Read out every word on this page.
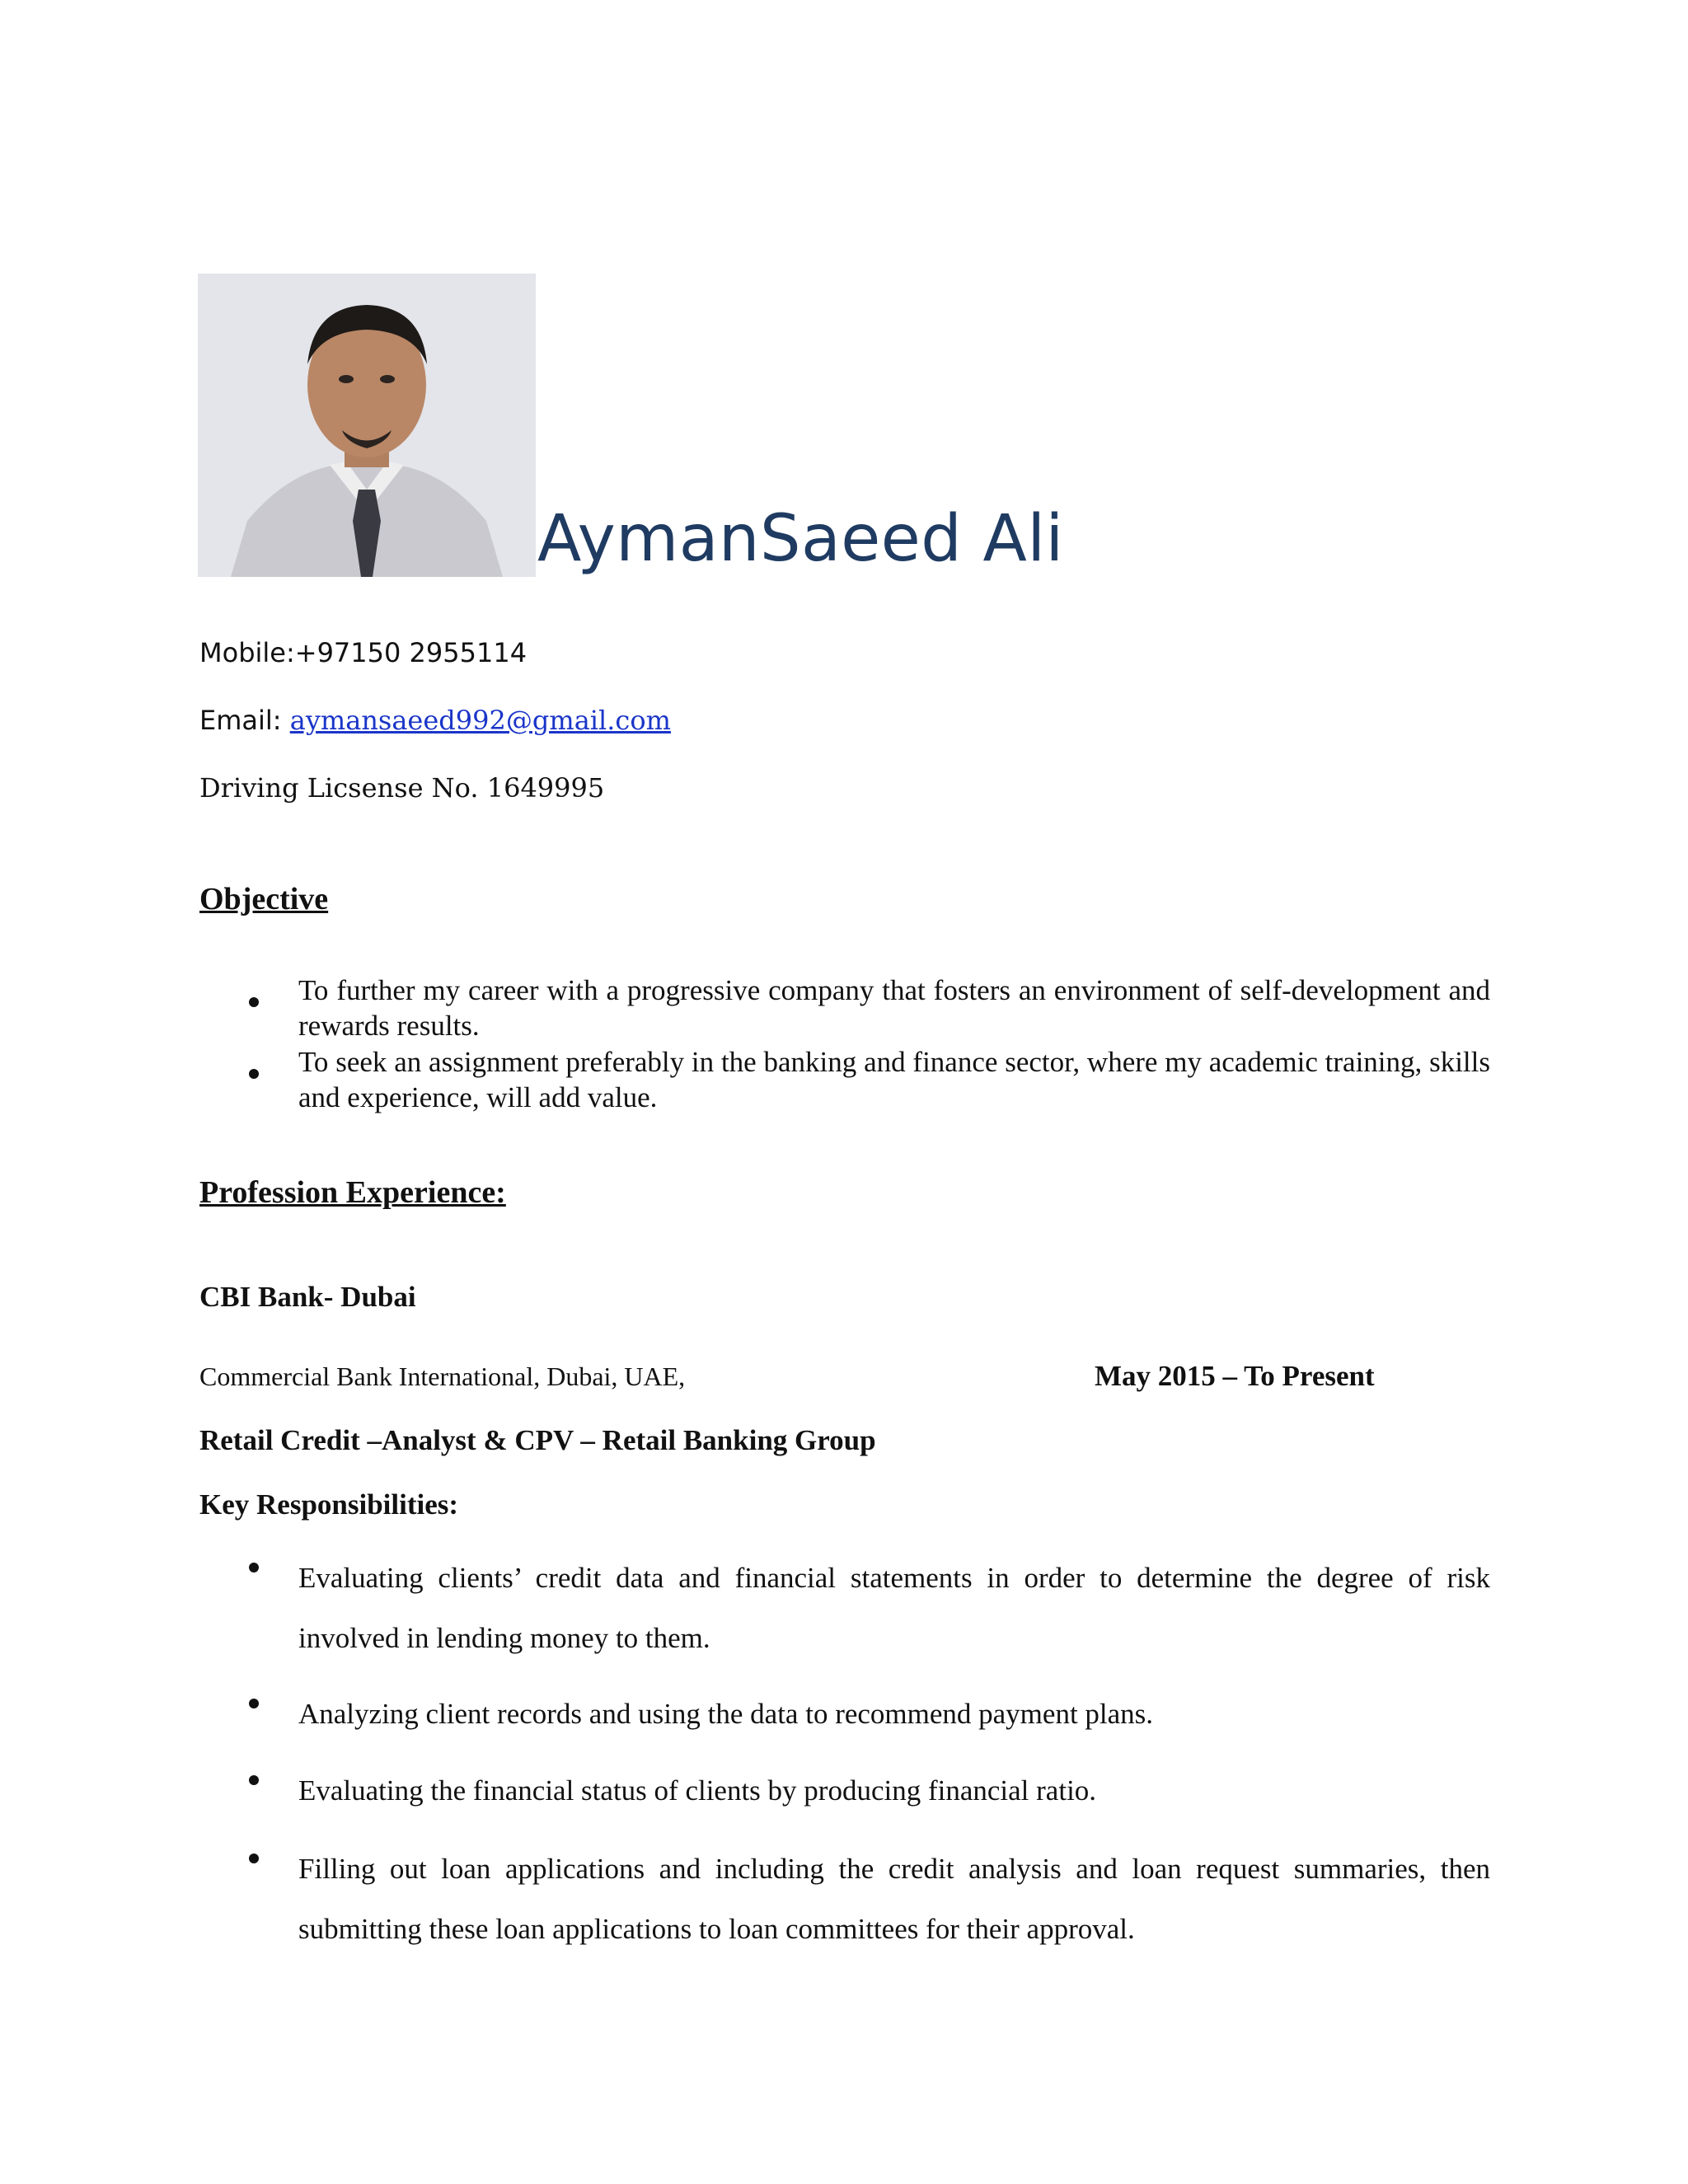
AymanSaeed Ali
Mobile:+97150 2955114
Email: aymansaeed992@gmail.com
Driving Licsense No. 1649995
Objective
To further my career with a progressive company that fosters an environment of self-development and rewards results.
To seek an assignment preferably in the banking and finance sector, where my academic training, skills and experience, will add value.
Profession Experience:
CBI Bank- Dubai
Commercial Bank International, Dubai, UAE,	May 2015 – To Present
Retail Credit –Analyst & CPV – Retail Banking Group
Key Responsibilities:
Evaluating clients’ credit data and financial statements in order to determine the degree of risk involved in lending money to them.
Analyzing client records and using the data to recommend payment plans.
Evaluating the financial status of clients by producing financial ratio.
Filling out loan applications and including the credit analysis and loan request summaries, then submitting these loan applications to loan committees for their approval.
